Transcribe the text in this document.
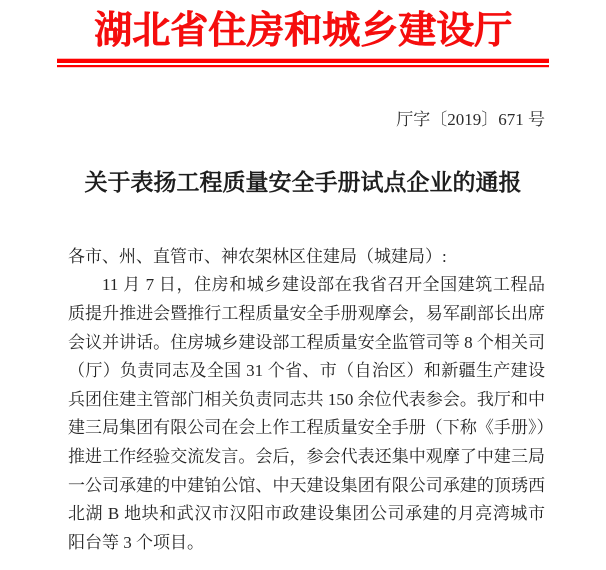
湖北省住房和城乡建设厅
厅字〔2019〕671 号
关于表扬工程质量安全手册试点企业的通报

各市、州、直管市、神农架林区住建局（城建局）:

11 月 7 日，住房和城乡建设部在我省召开全国建筑工程品质提升推进会暨推行工程质量安全手册观摩会，易军副部长出席会议并讲话。住房城乡建设部工程质量安全监管司等 8 个相关司（厅）负责同志及全国 31 个省、市（自治区）和新疆生产建设兵团住建主管部门相关负责同志共 150 余位代表参会。我厅和中建三局集团有限公司在会上作工程质量安全手册（下称《手册》）推进工作经验交流发言。会后，参会代表还集中观摩了中建三局一公司承建的中建铂公馆、中天建设集团有限公司承建的顶琇西北湖 B 地块和武汉市汉阳市政建设集团公司承建的月亮湾城市阳台等 3 个项目。
